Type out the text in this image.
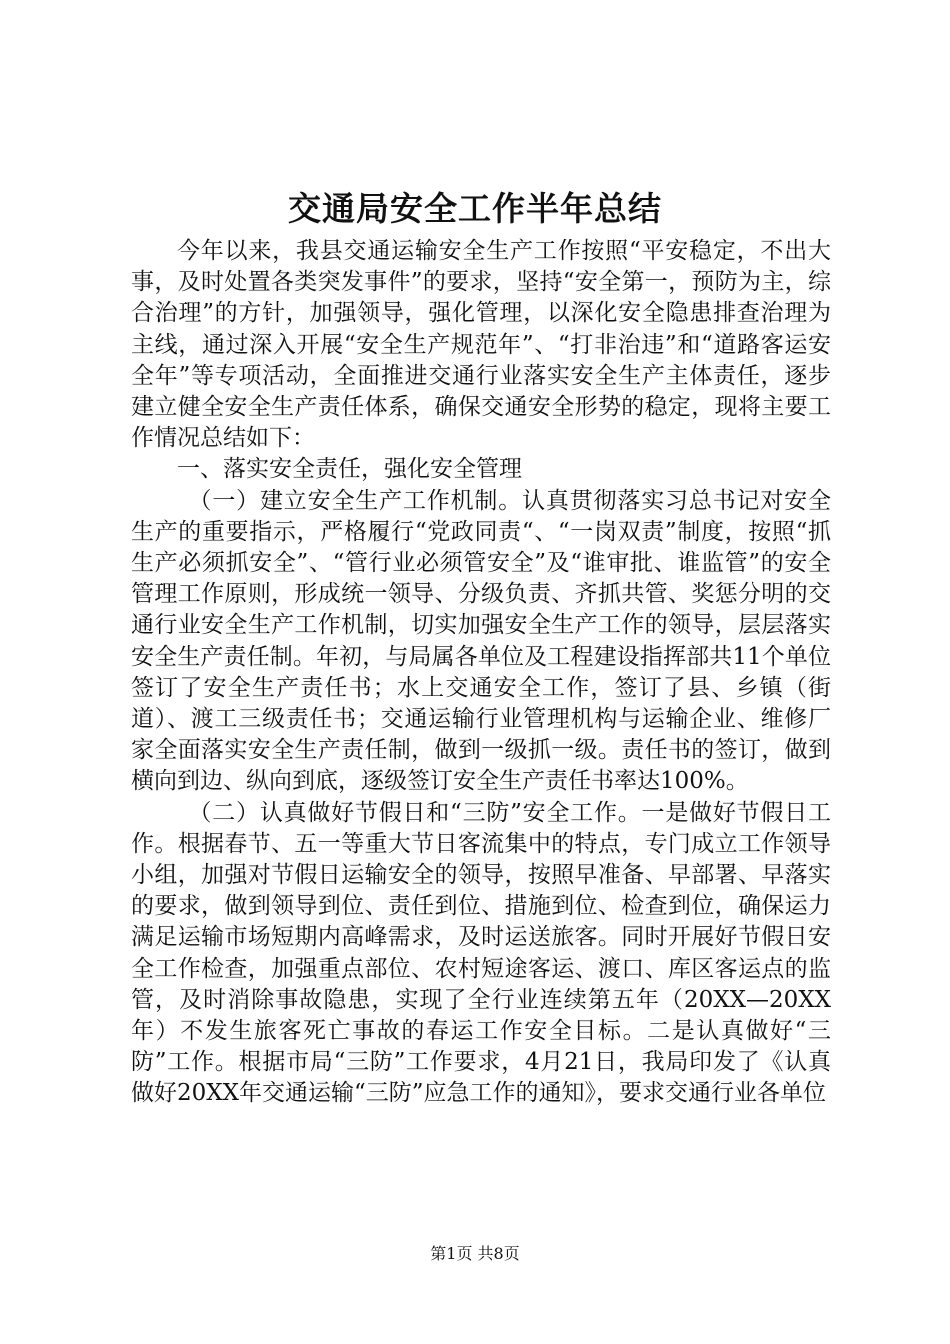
交通局安全工作半年总结

今年以来，我县交通运输安全生产工作按照“平安稳定，不出大事，及时处置各类突发事件”的要求，坚持“安全第一，预防为主，综合治理”的方针，加强领导，强化管理，以深化安全隐患排查治理为主线，通过深入开展“安全生产规范年”、“打非治违”和“道路客运安全年”等专项活动，全面推进交通行业落实安全生产主体责任，逐步建立健全安全生产责任体系，确保交通安全形势的稳定，现将主要工作情况总结如下：

一、落实安全责任，强化安全管理

（一）建立安全生产工作机制。认真贯彻落实习总书记对安全生产的重要指示，严格履行“党政同责“、“一岗双责”制度，按照“抓生产必须抓安全”、“管行业必须管安全”及“谁审批、谁监管”的安全管理工作原则，形成统一领导、分级负责、齐抓共管、奖惩分明的交通行业安全生产工作机制，切实加强安全生产工作的领导，层层落实安全生产责任制。年初，与局属各单位及工程建设指挥部共11个单位签订了安全生产责任书；水上交通安全工作，签订了县、乡镇（街道）、渡工三级责任书；交通运输行业管理机构与运输企业、维修厂家全面落实安全生产责任制，做到一级抓一级。责任书的签订，做到横向到边、纵向到底，逐级签订安全生产责任书率达100%。

（二）认真做好节假日和“三防”安全工作。一是做好节假日工作。根据春节、五一等重大节日客流集中的特点，专门成立工作领导小组，加强对节假日运输安全的领导，按照早准备、早部署、早落实的要求，做到领导到位、责任到位、措施到位、检查到位，确保运力满足运输市场短期内高峰需求，及时运送旅客。同时开展好节假日安全工作检查，加强重点部位、农村短途客运、渡口、库区客运点的监管，及时消除事故隐患，实现了全行业连续第五年（20XX—20XX年）不发生旅客死亡事故的春运工作安全目标。二是认真做好“三防”工作。根据市局“三防”工作要求，4月21日，我局印发了《认真做好20XX年交通运输“三防”应急工作的通知》，要求交通行业各单位

第1页 共8页
